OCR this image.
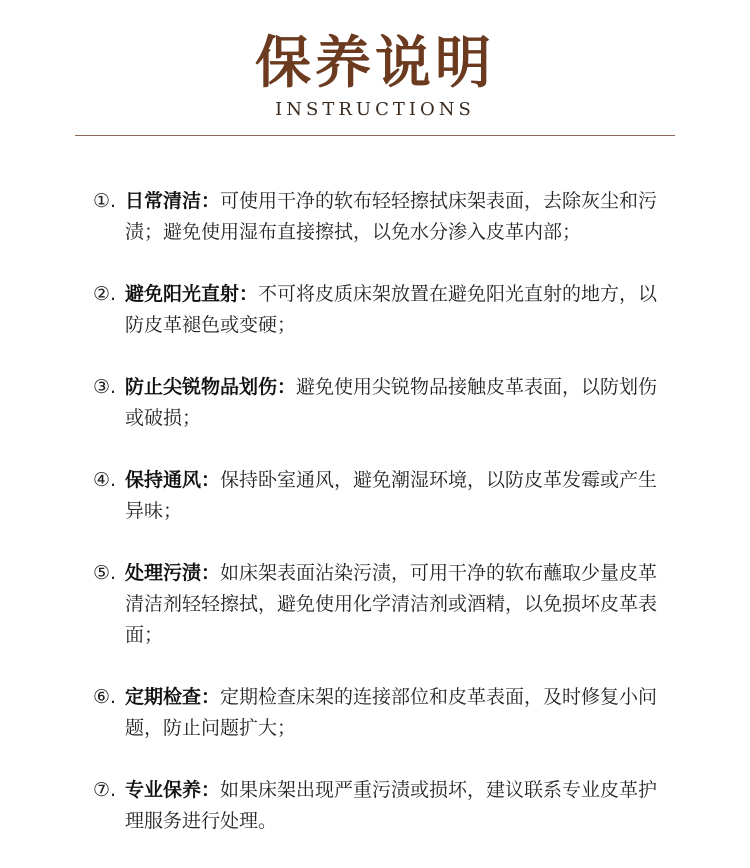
保养说明
INSTRUCTIONS
①. 日常清洁：可使用干净的软布轻轻擦拭床架表面，去除灰尘和污渍；避免使用湿布直接擦拭，以免水分渗入皮革内部；
②. 避免阳光直射：不可将皮质床架放置在避免阳光直射的地方，以防皮革褪色或变硬；
③. 防止尖锐物品划伤：避免使用尖锐物品接触皮革表面，以防划伤或破损；
④. 保持通风：保持卧室通风，避免潮湿环境，以防皮革发霉或产生异味；
⑤. 处理污渍：如床架表面沾染污渍，可用干净的软布蘸取少量皮革清洁剂轻轻擦拭，避免使用化学清洁剂或酒精，以免损坏皮革表面；
⑥. 定期检查：定期检查床架的连接部位和皮革表面，及时修复小问题，防止问题扩大；
⑦. 专业保养：如果床架出现严重污渍或损坏，建议联系专业皮革护理服务进行处理。
